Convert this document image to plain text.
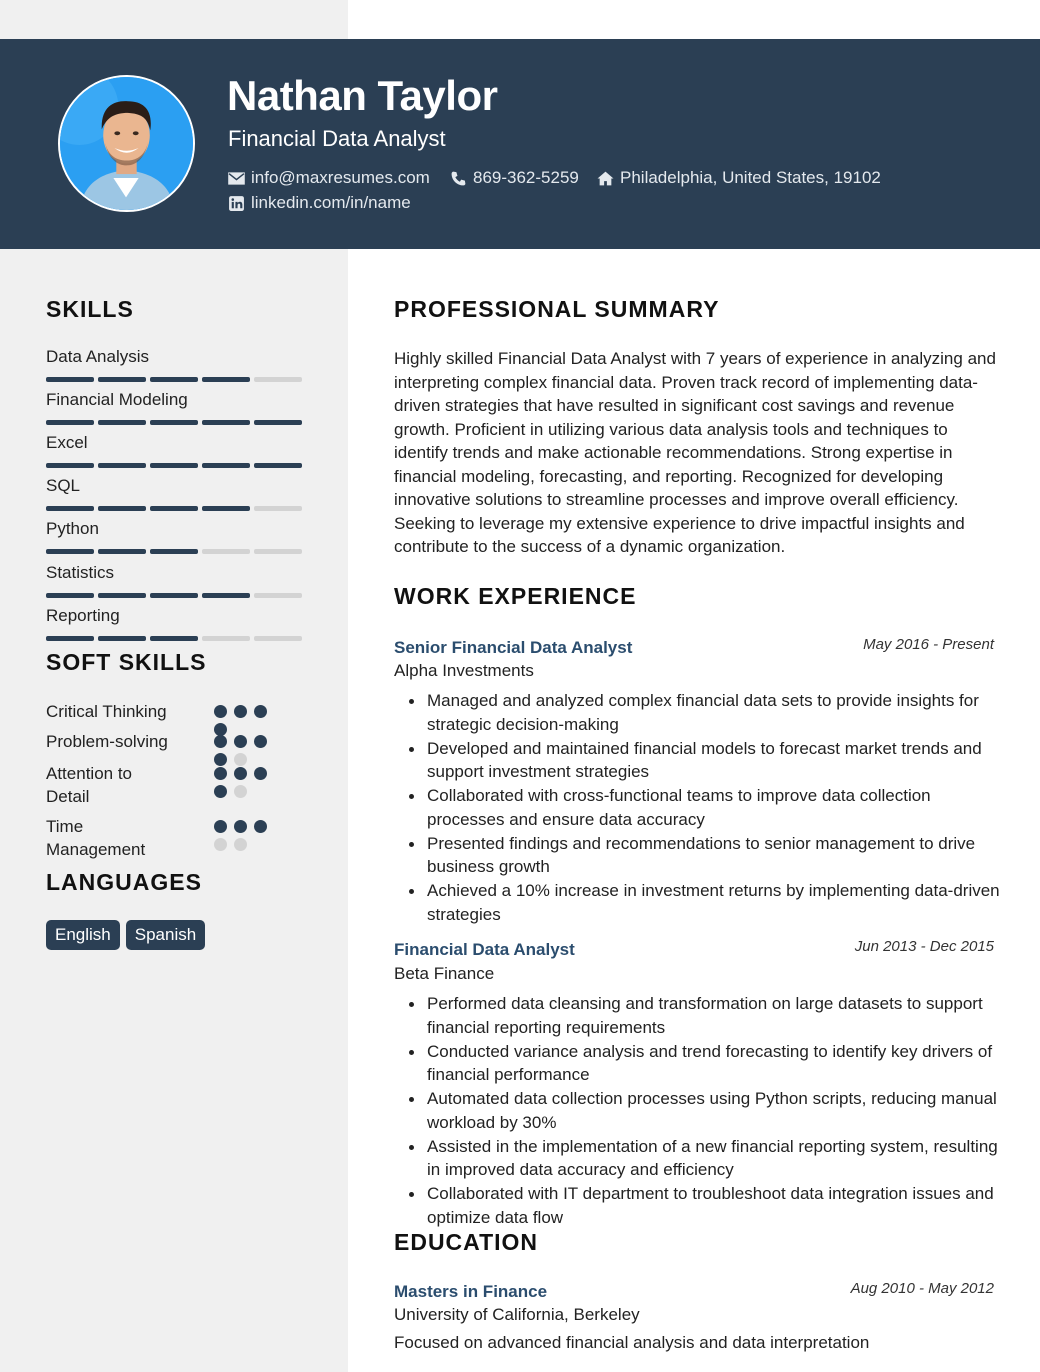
Nathan Taylor
Financial Data Analyst
info@maxresumes.com	869-362-5259 Philadelphia, United States, 19102
linkedin.com/in/name
SKILLS
Data Analysis
Financial Modeling
Excel
SQL
Python
Statistics
Reporting
SOFT SKILLS
Critical Thinking
Problem-solving
Attention to Detail
Time Management
LANGUAGES
English	Spanish
PROFESSIONAL SUMMARY
Highly skilled Financial Data Analyst with 7 years of experience in analyzing and interpreting complex financial data. Proven track record of implementing data-driven strategies that have resulted in significant cost savings and revenue growth. Proficient in utilizing various data analysis tools and techniques to identify trends and make actionable recommendations. Strong expertise in financial modeling, forecasting, and reporting. Recognized for developing innovative solutions to streamline processes and improve overall efficiency. Seeking to leverage my extensive experience to drive impactful insights and contribute to the success of a dynamic organization.
WORK EXPERIENCE
Senior Financial Data Analyst	May 2016 - Present
Alpha Investments
Managed and analyzed complex financial data sets to provide insights for strategic decision-making
Developed and maintained financial models to forecast market trends and support investment strategies
Collaborated with cross-functional teams to improve data collection processes and ensure data accuracy
Presented findings and recommendations to senior management to drive business growth
Achieved a 10% increase in investment returns by implementing data-driven strategies
Financial Data Analyst	Jun 2013 - Dec 2015
Beta Finance
Performed data cleansing and transformation on large datasets to support financial reporting requirements
Conducted variance analysis and trend forecasting to identify key drivers of financial performance
Automated data collection processes using Python scripts, reducing manual workload by 30%
Assisted in the implementation of a new financial reporting system, resulting in improved data accuracy and efficiency
Collaborated with IT department to troubleshoot data integration issues and optimize data flow
EDUCATION
Masters in Finance	Aug 2010 - May 2012
University of California, Berkeley
Focused on advanced financial analysis and data interpretation
